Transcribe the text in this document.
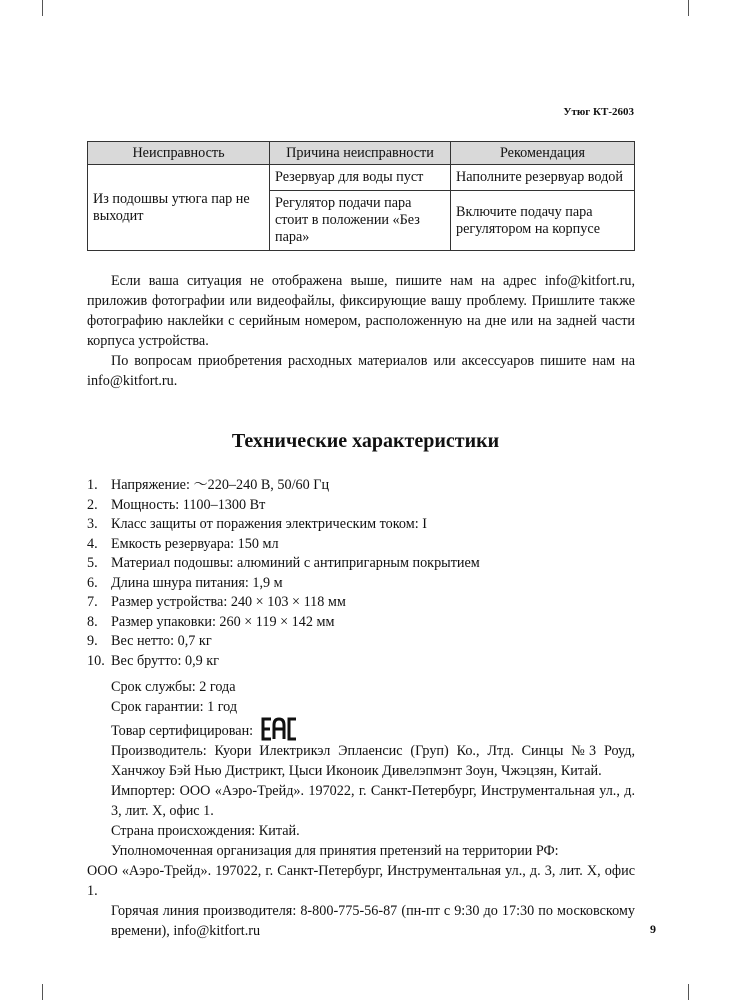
Утюг КТ-2603
Неисправность	Причина неисправности	Рекомендация
Из подошвы утюга пар не выходит	Резервуар для воды пуст	Наполните резервуар водой
	Регулятор подачи пара стоит в положении «Без пара»	Включите подачу пара регулятором на корпусе

Если ваша ситуация не отображена выше, пишите нам на адрес info@kitfort.ru, приложив фотографии или видеофайлы, фиксирующие вашу проблему. Пришлите также фотографию наклейки с серийным номером, расположенную на дне или на задней части корпуса устройства.

По вопросам приобретения расходных материалов или аксессуаров пишите нам на info@kitfort.ru.

Технические характеристики
1. Напряжение: ～220–240 В, 50/60 Гц
2. Мощность: 1100–1300 Вт
3. Класс защиты от поражения электрическим током: I
4. Емкость резервуара: 150 мл
5. Материал подошвы: алюминий с антипригарным покрытием
6. Длина шнура питания: 1,9 м
7. Размер устройства: 240 × 103 × 118 мм
8. Размер упаковки: 260 × 119 × 142 мм
9. Вес нетто: 0,7 кг
10. Вес брутто: 0,9 кг
Срок службы: 2 года
Срок гарантии: 1 год
Товар сертифицирован:
Производитель: Куори Илектрикэл Эплаенсис (Груп) Ко., Лтд. Синцы №3 Роуд, Ханчжоу Бэй Нью Дистрикт, Цыси Иконоик Дивелэпмэнт Зоун, Чжэцзян, Китай.
Импортер: ООО «Аэро-Трейд». 197022, г. Санкт-Петербург, Инструментальная ул., д. 3, лит. Х, офис 1.
Страна происхождения: Китай.
Уполномоченная организация для принятия претензий на территории РФ:
ООО «Аэро-Трейд». 197022, г. Санкт-Петербург, Инструментальная ул., д. 3, лит. Х, офис 1.
Горячая линия производителя: 8-800-775-56-87 (пн-пт с 9:30 до 17:30 по московскому времени), info@kitfort.ru	9
